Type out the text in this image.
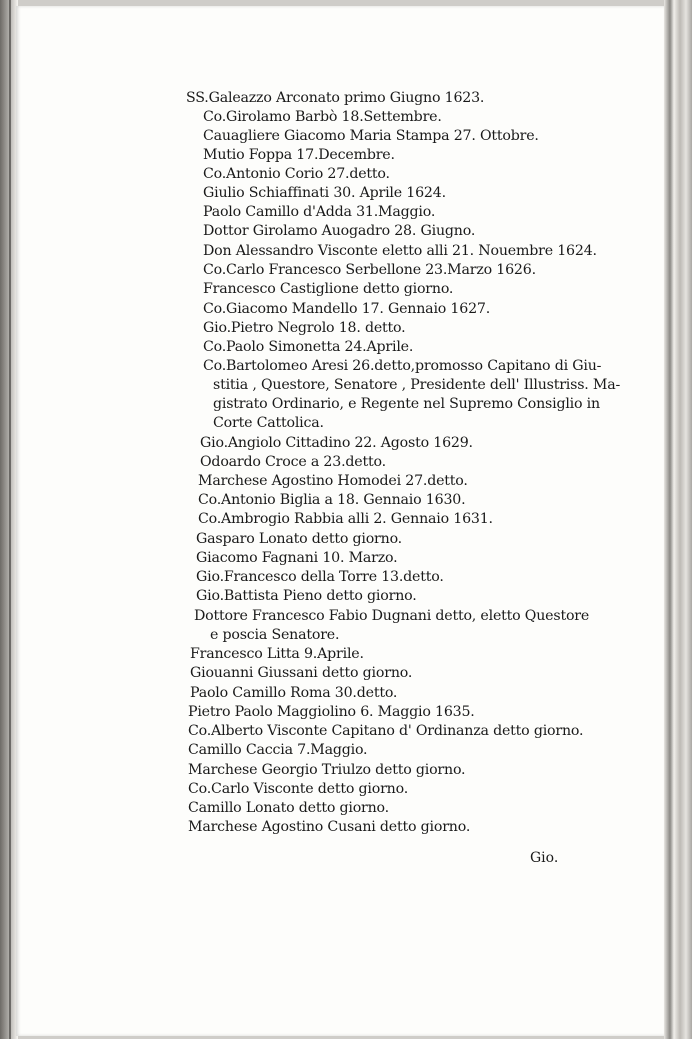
SS.Galeazzo Arconato primo Giugno 1623.
Co.Girolamo Barbò 18.Settembre.
Cauagliere Giacomo Maria Stampa 27. Ottobre.
Mutio Foppa 17.Decembre.
Co.Antonio Corio 27.detto.
Giulio Schiaffinati 30. Aprile 1624.
Paolo Camillo d'Adda 31.Maggio.
Dottor Girolamo Auogadro 28. Giugno.
Don Alessandro Visconte eletto alli 21. Nouembre 1624.
Co.Carlo Francesco Serbellone 23.Marzo 1626.
Francesco Castiglione detto giorno.
Co.Giacomo Mandello 17. Gennaio 1627.
Gio.Pietro Negrolo 18. detto.
Co.Paolo Simonetta 24.Aprile.
Co.Bartolomeo Aresi 26.detto,promosso Capitano di Giu-
stitia , Questore, Senatore , Presidente dell' Illustriss. Ma-
gistrato Ordinario, e Regente nel Supremo Consiglio in
Corte Cattolica.
Gio.Angiolo Cittadino 22. Agosto 1629.
Odoardo Croce a 23.detto.
Marchese Agostino Homodei 27.detto.
Co.Antonio Biglia a 18. Gennaio 1630.
Co.Ambrogio Rabbia alli 2. Gennaio 1631.
Gasparo Lonato detto giorno.
Giacomo Fagnani 10. Marzo.
Gio.Francesco della Torre 13.detto.
Gio.Battista Pieno detto giorno.
Dottore Francesco Fabio Dugnani detto, eletto Questore
e poscia Senatore.
Francesco Litta 9.Aprile.
Giouanni Giussani detto giorno.
Paolo Camillo Roma 30.detto.
Pietro Paolo Maggiolino 6. Maggio 1635.
Co.Alberto Visconte Capitano d' Ordinanza detto giorno.
Camillo Caccia 7.Maggio.
Marchese Georgio Triulzo detto giorno.
Co.Carlo Visconte detto giorno.
Camillo Lonato detto giorno.
Marchese Agostino Cusani detto giorno.
Gio.
